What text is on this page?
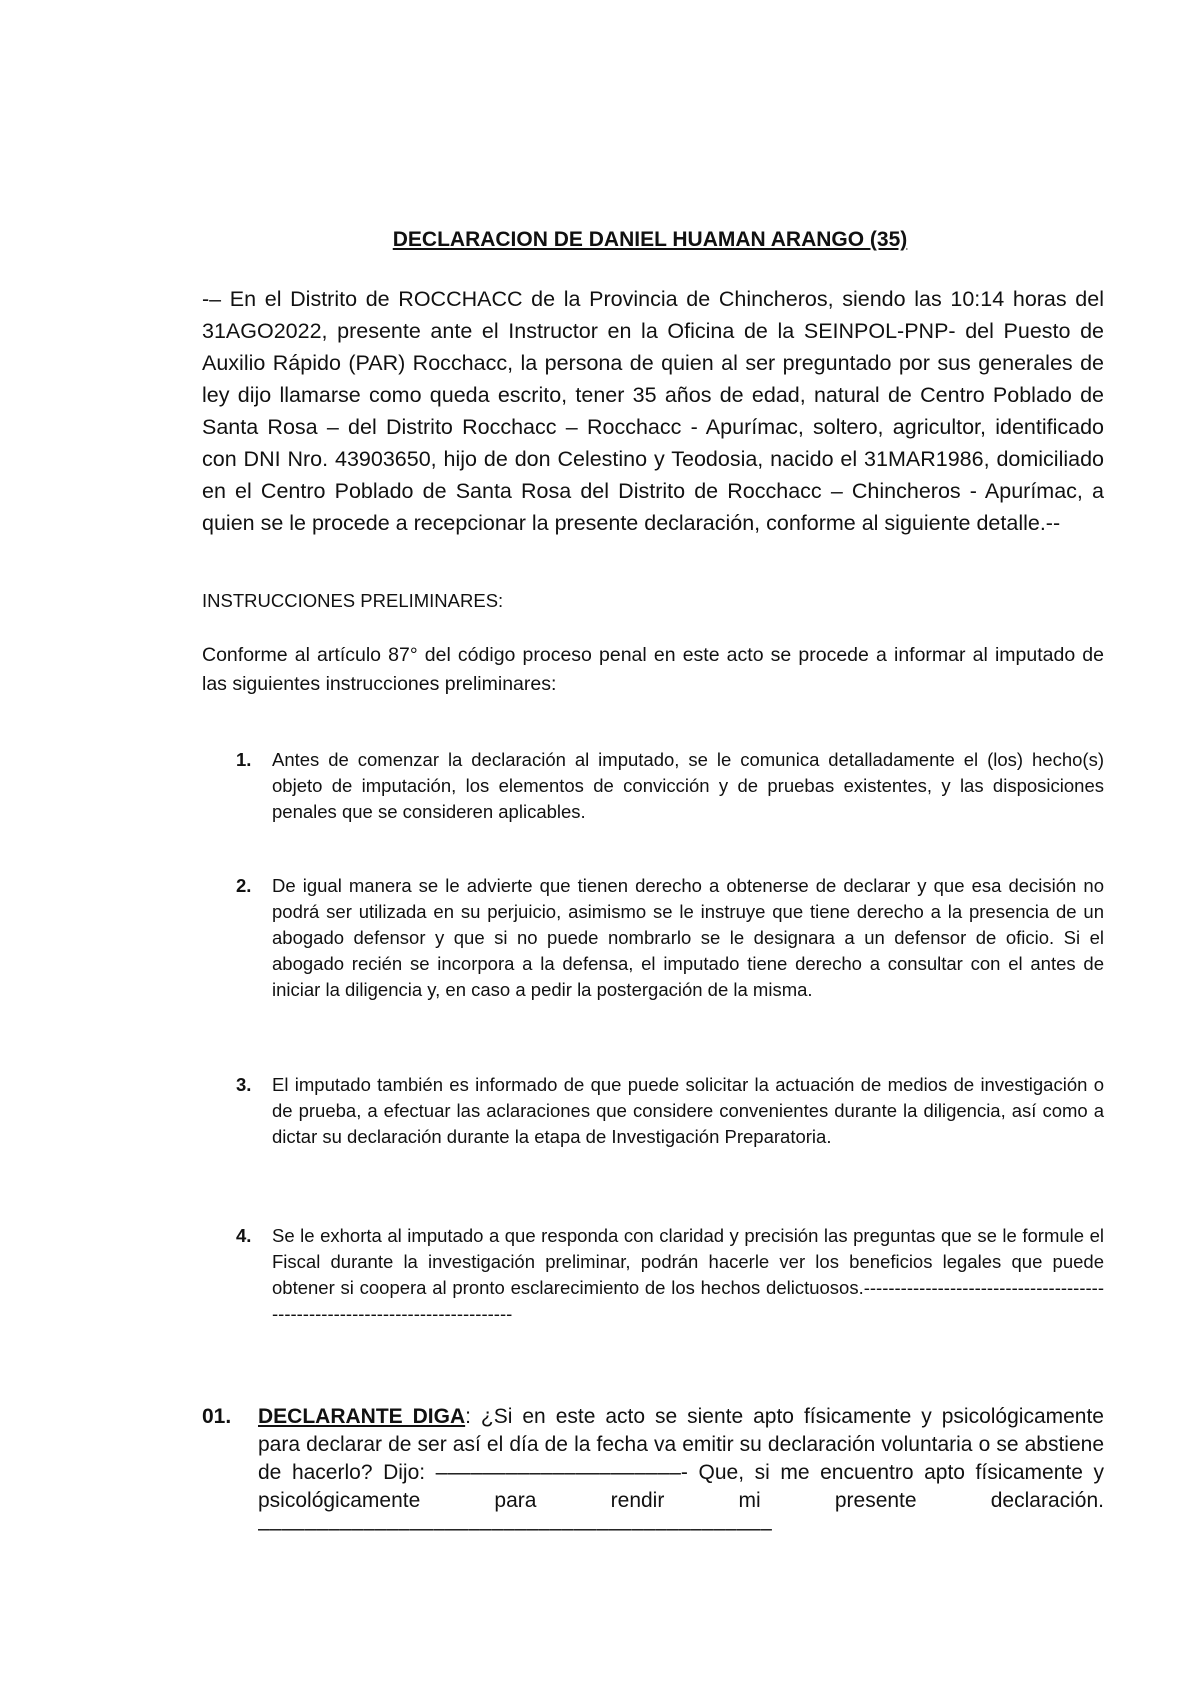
DECLARACION DE DANIEL HUAMAN ARANGO (35)
-– En el Distrito de ROCCHACC de la Provincia de Chincheros, siendo las 10:14 horas del 31AGO2022, presente ante el Instructor en la Oficina de la SEINPOL-PNP- del Puesto de Auxilio Rápido (PAR) Rocchacc, la persona de quien al ser preguntado por sus generales de ley dijo llamarse como queda escrito, tener 35 años de edad, natural de Centro Poblado de Santa Rosa – del Distrito Rocchacc – Rocchacc - Apurímac, soltero, agricultor, identificado con DNI Nro. 43903650, hijo de don Celestino y Teodosia, nacido el 31MAR1986, domiciliado en el Centro Poblado de Santa Rosa del Distrito de Rocchacc – Chincheros - Apurímac, a quien se le procede a recepcionar la presente declaración, conforme al siguiente detalle.--
INSTRUCCIONES PRELIMINARES:
Conforme al artículo 87° del código proceso penal en este acto se procede a informar al imputado de las siguientes instrucciones preliminares:
1. Antes de comenzar la declaración al imputado, se le comunica detalladamente el (los) hecho(s) objeto de imputación, los elementos de convicción y de pruebas existentes, y las disposiciones penales que se consideren aplicables.
2. De igual manera se le advierte que tienen derecho a obtenerse de declarar y que esa decisión no podrá ser utilizada en su perjuicio, asimismo se le instruye que tiene derecho a la presencia de un abogado defensor y que si no puede nombrarlo se le designara a un defensor de oficio. Si el abogado recién se incorpora a la defensa, el imputado tiene derecho a consultar con el antes de iniciar la diligencia y, en caso a pedir la postergación de la misma.
3. El imputado también es informado de que puede solicitar la actuación de medios de investigación o de prueba, a efectuar las aclaraciones que considere convenientes durante la diligencia, así como a dictar su declaración durante la etapa de Investigación Preparatoria.
4. Se le exhorta al imputado a que responda con claridad y precisión las preguntas que se le formule el Fiscal durante la investigación preliminar, podrán hacerle ver los beneficios legales que puede obtener si coopera al pronto esclarecimiento de los hechos delictuosos.------------------------------------------------------------------------------
01. DECLARANTE DIGA: ¿Si en este acto se siente apto físicamente y psicológicamente para declarar de ser así el día de la fecha va emitir su declaración voluntaria o se abstiene de hacerlo? Dijo: –––––––––––––––––––––- Que, si me encuentro apto físicamente y psicológicamente para rendir mi presente declaración. ––––––––––––––––––––––––––––––––––––––––––––
